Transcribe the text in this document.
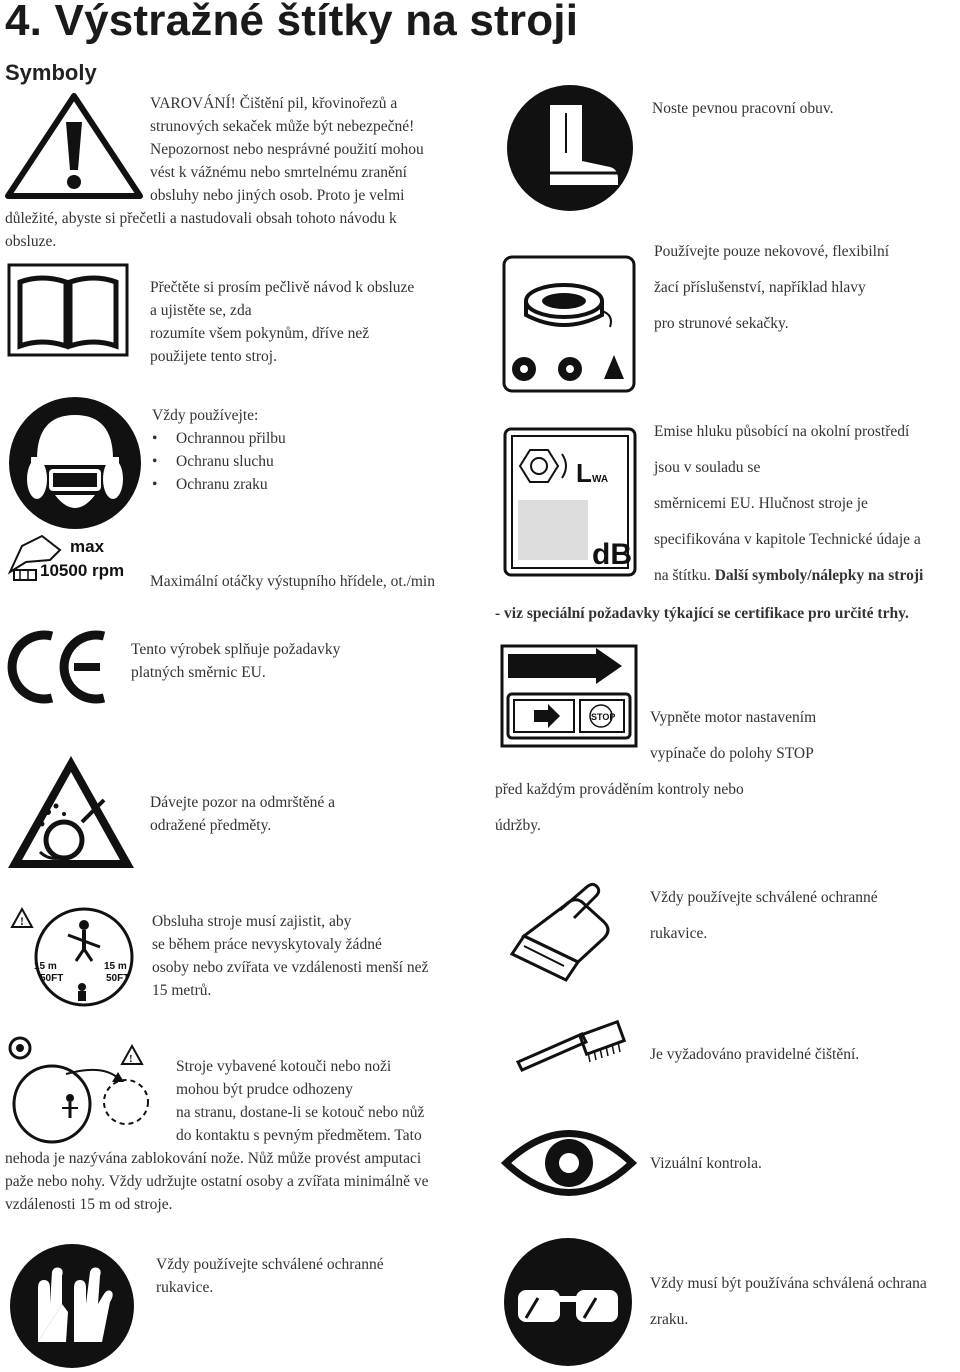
4. Výstražné štítky na stroji
Symboly

VAROVÁNÍ! Čištění pil, křovinořezů a

strunových sekaček může být nebezpečné!

Nepozornost nebo nesprávné použití mohou

vést k vážnému nebo smrtelnému zranění

obsluhy nebo jiných osob. Proto je velmi

důležité, abyste si přečetli a nastudovali obsah tohoto návodu k

obsluze.

Přečtěte si prosím pečlivě návod k obsluze

a ujistěte se, zda

rozumíte všem pokynům, dříve než

použijete tento stroj.

Vždy používejte:

• Ochrannou přilbu
• Ochranu sluchu
• Ochranu zraku
max
10500 rpm

Maximální otáčky výstupního hřídele, ot./min

Tento výrobek splňuje požadavky

platných směrnic EU.

Dávejte pozor na odmrštěné a

odražené předměty.

!
15 m
50FT
15 m
50FT

Obsluha stroje musí zajistit, aby

se během práce nevyskytovaly žádné

osoby nebo zvířata ve vzdálenosti menší než

15 metrů.

!	Stroje vybavené kotouči nebo noži

mohou být prudce odhozeny

na stranu, dostane-li se kotouč nebo nůž

do kontaktu s pevným předmětem. Tato

nehoda je nazývána zablokování nože. Nůž může provést amputaci

paže nebo nohy. Vždy udržujte ostatní osoby a zvířata minimálně ve

vzdálenosti 15 m od stroje.

Vždy používejte schválené ochranné

rukavice.

Noste pevnou pracovní obuv.

Používejte pouze nekovové, flexibilní

žací příslušenství, například hlavy

pro strunové sekačky.

L WA
dB

Emise hluku působící na okolní prostředí

jsou v souladu se

směrnicemi EU. Hlučnost stroje je

specifikována v kapitole Technické údaje a

na štítku. Další symboly/nálepky na stroji

- viz speciální požadavky týkající se certifikace pro určité trhy.

STOP Vypněte motor nastavením

vypínače do polohy STOP

před každým prováděním kontroly nebo

údržby.

Vždy používejte schválené ochranné

rukavice.

Je vyžadováno pravidelné čištění.

Vizuální kontrola.

Vždy musí být používána schválená ochrana

zraku.
